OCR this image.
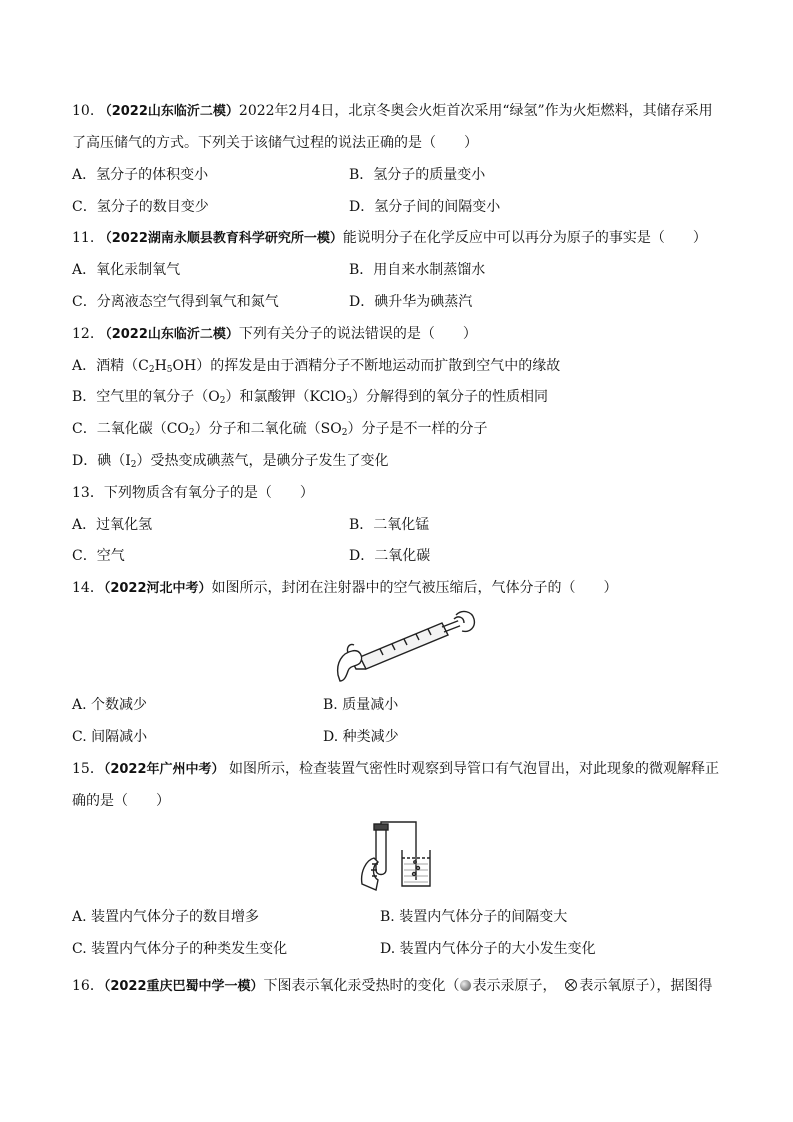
10. （2022山东临沂二模）2022年2月4日，北京冬奥会火炬首次采用“绿氢”作为火炬燃料，其储存采用
了高压储气的方式。下列关于该储气过程的说法正确的是（　　）
A．氢分子的体积变小	B．氢分子的质量变小
C．氢分子的数目变少	D．氢分子间的间隔变小
11. （2022湖南永顺县教育科学研究所一模）能说明分子在化学反应中可以再分为原子的事实是（　　）
A．氧化汞制氧气	B．用自来水制蒸馏水
C．分离液态空气得到氧气和氮气	D．碘升华为碘蒸汽
12. （2022山东临沂二模）下列有关分子的说法错误的是（　　）
A．酒精$(C_2H_5OH)$的挥发是由于酒精分子不断地运动而扩散到空气中的缘故
B．空气里的氧分子$(O_2)$和氯酸钾（KClO$_3$）分解得到的氧分子的性质相同
C．二氧化碳$(CO_2)$分子和二氧化硫$(SO_2)$分子是不一样的分子
D．碘$(I_2)$受热变成碘蒸气，是碘分子发生了变化
13．下列物质含有氧分子的是（　　）
A．过氧化氢	B．二氧化锰
C．空气	D．二氧化碳
14．（2022河北中考）如图所示，封闭在注射器中的空气被压缩后，气体分子的（　　）
A. 个数减少	B. 质量减小
C. 间隔减小	D. 种类减少
15．（2022年广州中考） 如图所示，检查装置气密性时观察到导管口有气泡冒出，对此现象的微观解释正
确的是（　　）
A. 装置内气体分子的数目增多	B. 装置内气体分子的间隔变大
C. 装置内气体分子的种类发生变化	D. 装置内气体分子的大小发生变化
16．（2022重庆巴蜀中学一模）下图表示氧化汞受热时的变化（ 表示汞原子， 表示氧原子），据图得
